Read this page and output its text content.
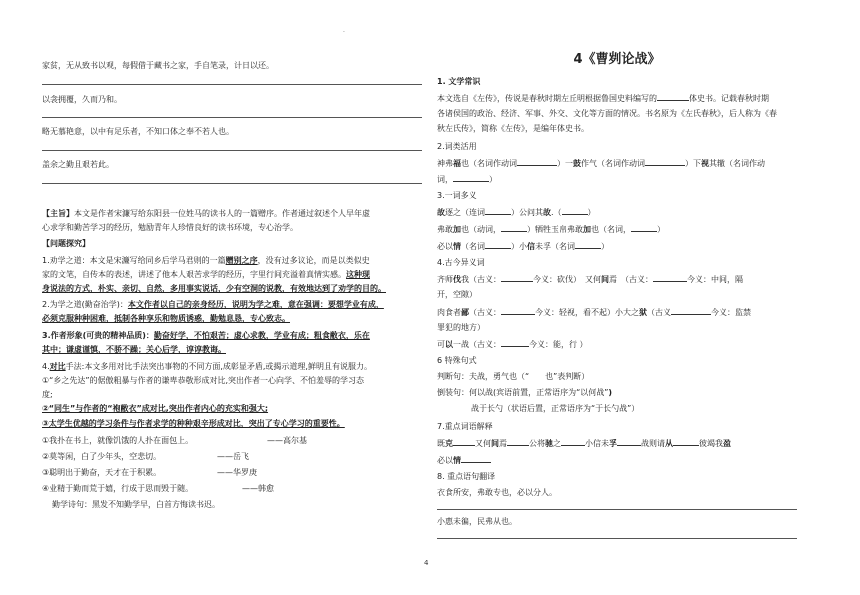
.
家贫，无从致书以观，每假借于藏书之家，手自笔录，计日以还。
以衾拥覆，久而乃和。
略无慕艳意，以中有足乐者，不知口体之奉不若人也。
盖余之勤且艰若此。
【主旨】本文是作者宋濂写给东阳县一位姓马的读书人的一篇赠序。作者通过叙述个人早年虚
心求学和勤苦学习的经历，勉励青年人珍惜良好的读书环境，专心治学。
【问题探究】
1.劝学之道：本文是宋濂写给同乡后学马君则的一篇赠别之序，没有过多议论，而是以类似史
家的文笔，自传本的表述，讲述了他本人艰苦求学的经历，字里行间充溢着真情实感。这种现
身说法的方式，朴实、亲切、自然，多用事实说话，少有空洞的说教，有效地达到了劝学的目的。
2.为学之道(勤奋治学)：本文作者以自己的亲身经历，说明为学之难，意在强调：要想学业有成，
必须克服种种困难，抵制各种享乐和物质诱惑，勤勉息恳，专心致志。
3.作者形象(可贵的精神品质)：勤奋好学，不怕艰苦；虚心求教，学业有成；粗食敝衣，乐在
其中；谦虚谨慎，不骄不躁；关心后学，谆谆教诲。
4.对比手法:本文多用对比手法突出事物的不同方面,成彰显矛盾,或揭示道理,鲜明且有说服力。
①“乡之先达”的倨傲粗暴与作者的谦卑恭敬形成对比,突出作者一心向学、不怕羞辱的学习态
度;
②“同生”与作者的“袍敝衣”成对比,突出作者内心的充实和强大;
③太学生优越的学习条件与作者求学的种种艰辛形成对比，突出了专心学习的重要性。
①我扑在书上，就像饥饿的人扑在面包上。	——高尔基
②莫等闲，白了少年头，空悲切。	——岳飞
③聪明出于勤奋，天才在于积累。	——华罗庚
④业精于勤而荒于嬉，行成于思而毁于随。	——韩愈
勤学诗句：黑发不知勤学早，白首方悔读书迟。
4《曹刿论战》
1. 文学常识
本文选自《左传》，传说是春秋时期左丘明根据鲁国史料编写的	体史书。记载春秋时期
各诸侯国的政治、经济、军事、外交、文化等方面的情况。书名原为《左氏春秋》，后人称为《春
秋左氏传》，简称《左传》，是编年体史书。
2.词类活用
神弗福也（名词作动词	）一鼓作气（名词作动词	）下视其辙（名词作动
词，	）
3.一词多义
故逐之（连词	）公问其故.（	）
弗敢加也（动词，	）牺牲玉帛弗敢加也（名词，	）
必以情（名词	）小信未孚（名词	）
4.古今异义词
齐师伐我（古义：	今义：砍伐）　又何间焉　（古义：	今义：中间，隔
开，空隙）
肉食者鄙（古义：	今义：轻视，看不起）小大之狱（古义	今义：监禁
罪犯的地方）
可以一战（古义：	今义：能，行 ）
6 特殊句式
判断句：夫战，勇气也（“　　也”表判断）
倒装句：何以战(宾语前置，正常语序为“以何战”)
战于长勺（状语后置，正常语序为“于长勺战”）
7.重点词语解释
既克	又何间焉	公将驰之	小信未孚	战则请从	彼竭我盈
必以情
8. 重点语句翻译
衣食所安，弗敢专也，必以分人。
小惠未徧，民弗从也。
4
